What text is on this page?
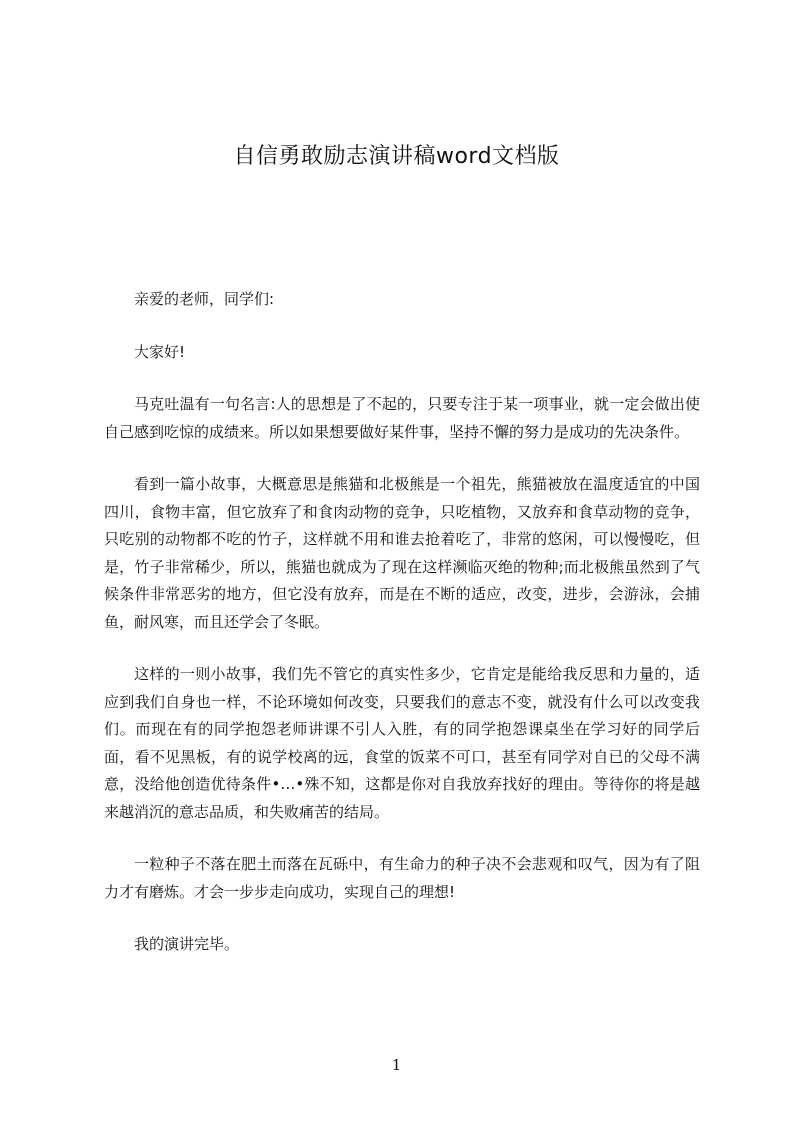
自信勇敢励志演讲稿word文档版

亲爱的老师，同学们:

大家好!

马克吐温有一句名言:人的思想是了不起的，只要专注于某一项事业，就一定会做出使自己感到吃惊的成绩来。所以如果想要做好某件事，坚持不懈的努力是成功的先决条件。

看到一篇小故事，大概意思是熊猫和北极熊是一个祖先，熊猫被放在温度适宜的中国四川，食物丰富，但它放弃了和食肉动物的竞争，只吃植物，又放弃和食草动物的竞争，只吃别的动物都不吃的竹子，这样就不用和谁去抢着吃了，非常的悠闲，可以慢慢吃，但是，竹子非常稀少，所以，熊猫也就成为了现在这样濒临灭绝的物种;而北极熊虽然到了气候条件非常恶劣的地方，但它没有放弃，而是在不断的适应，改变，进步，会游泳，会捕鱼，耐风寒，而且还学会了冬眠。

这样的一则小故事，我们先不管它的真实性多少，它肯定是能给我反思和力量的，适应到我们自身也一样，不论环境如何改变，只要我们的意志不变，就没有什么可以改变我们。而现在有的同学抱怨老师讲课不引人入胜，有的同学抱怨课桌坐在学习好的同学后面，看不见黑板，有的说学校离的远，食堂的饭菜不可口，甚至有同学对自已的父母不满意，没给他创造优待条件•…•殊不知，这都是你对自我放弃找好的理由。等待你的将是越来越消沉的意志品质，和失败痛苦的结局。

一粒种子不落在肥土而落在瓦砾中，有生命力的种子决不会悲观和叹气，因为有了阻力才有磨炼。才会一步步走向成功，实现自己的理想!

我的演讲完毕。

1
